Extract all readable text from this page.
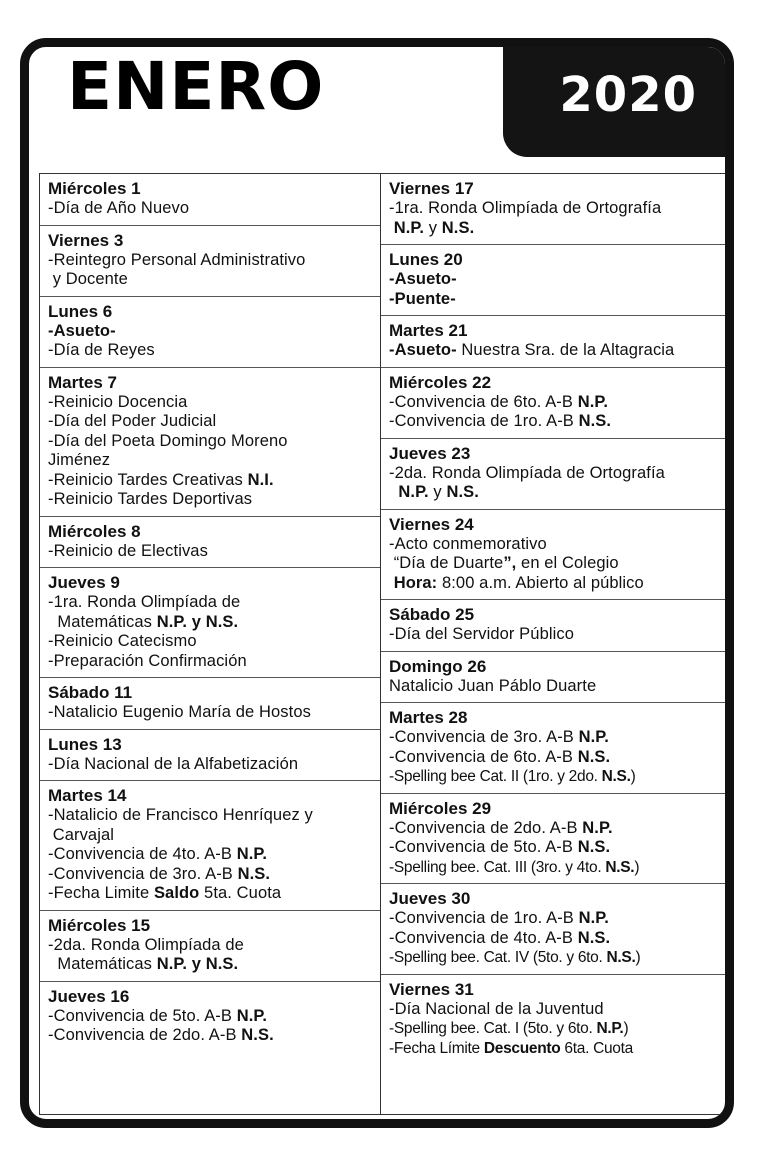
ENERO	2020
Miércoles 1
-Día de Año Nuevo
Viernes 3
-Reintegro Personal Administrativo
y Docente
Lunes 6
-Asueto-
-Día de Reyes
Martes 7
-Reinicio Docencia
-Día del Poder Judicial
-Día del Poeta Domingo Moreno
Jiménez
-Reinicio Tardes Creativas N.I.
-Reinicio Tardes Deportivas
Miércoles 8
-Reinicio de Electivas
Jueves 9
-1ra. Ronda Olimpíada de
Matemáticas N.P. y N.S.
-Reinicio Catecismo
-Preparación Confirmación
Sábado 11
-Natalicio Eugenio María de Hostos
Lunes 13
-Día Nacional de la Alfabetización
Martes 14
-Natalicio de Francisco Henríquez y
Carvajal
-Convivencia de 4to. A-B N.P.
-Convivencia de 3ro. A-B N.S.
-Fecha Limite Saldo 5ta. Cuota
Miércoles 15
-2da. Ronda Olimpíada de
Matemáticas N.P. y N.S.
Jueves 16
-Convivencia de 5to. A-B N.P.
-Convivencia de 2do. A-B N.S.
Viernes 17
-1ra. Ronda Olimpíada de Ortografía
N.P. y N.S.
Lunes 20
-Asueto-
-Puente-
Martes 21
-Asueto- Nuestra Sra. de la Altagracia
Miércoles 22
-Convivencia de 6to. A-B N.P.
-Convivencia de 1ro. A-B N.S.
Jueves 23
-2da. Ronda Olimpíada de Ortografía
N.P. y N.S.
Viernes 24
-Acto conmemorativo
“Día de Duarte”, en el Colegio
Hora: 8:00 a.m. Abierto al público
Sábado 25
-Día del Servidor Público
Domingo 26
Natalicio Juan Páblo Duarte
Martes 28
-Convivencia de 3ro. A-B N.P.
-Convivencia de 6to. A-B N.S.
-Spelling bee Cat. II (1ro. y 2do. N.S.)
Miércoles 29
-Convivencia de 2do. A-B N.P.
-Convivencia de 5to. A-B N.S.
-Spelling bee. Cat. III (3ro. y 4to. N.S.)
Jueves 30
-Convivencia de 1ro. A-B N.P.
-Convivencia de 4to. A-B N.S.
-Spelling bee. Cat. IV (5to. y 6to. N.S.)
Viernes 31
-Día Nacional de la Juventud
-Spelling bee. Cat. I (5to. y 6to. N.P.)
-Fecha Límite Descuento 6ta. Cuota
